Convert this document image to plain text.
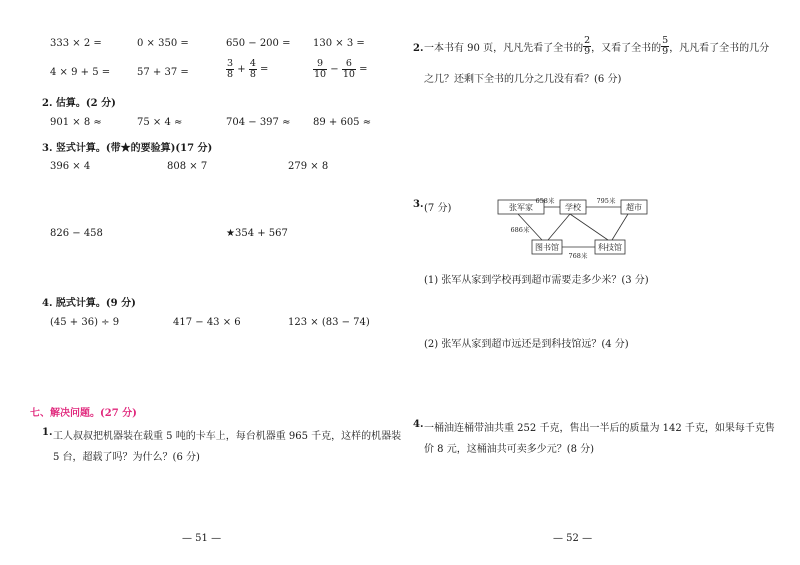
333 × 2 =	0 × 350 =	650 − 200 = 130 × 3 =
4 × 9 + 5 =	57 + 37 =	$\frac{3}{8} + \frac{4}{8}$ =	$\frac{9}{10} - \frac{6}{10}$ =
2. 估算。(2 分)
901 × 8 ≈	75 × 4 ≈	704 − 397 ≈ 89 + 605 ≈
3. 竖式计算。(带★的要验算)(17 分)
396 × 4	808 × 7	279 × 8
826 − 458	★354 + 567
4. 脱式计算。(9 分)
(45 + 36) ÷ 9	417 − 43 × 6	123 × (83 − 74)
七、解决问题。(27 分)
1. 工人叔叔把机器装在载重 5 吨的卡车上，每台机器重 965 千克，这样的机器装
5 台，超载了吗？为什么？(6 分)
— 51 —
2. 一本书有 90 页，凡凡先看了全书的 $\frac{2}{9}$ ，又看了全书的 $\frac{5}{9}$ ，凡凡看了全书的几分
之几？还剩下全书的几分之几没有看？(6 分)
3. (7 分)	张军家	学校	超市
图书馆	科技馆
658米	795米
686米
768米
(1) 张军从家到学校再到超市需要走多少米？(3 分)
(2) 张军从家到超市远还是到科技馆远？(4 分)
4. 一桶油连桶带油共重 252 千克，售出一半后的质量为 142 千克，如果每千克售
价 8 元，这桶油共可卖多少元？(8 分)
— 52 —
